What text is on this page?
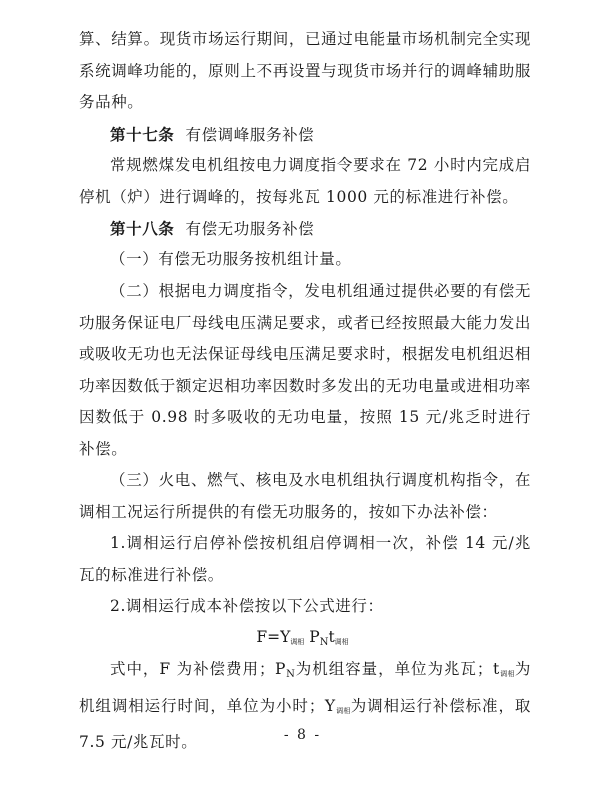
算、结算。现货市场运行期间，已通过电能量市场机制完全实现系统调峰功能的，原则上不再设置与现货市场并行的调峰辅助服务品种。

第十七条 有偿调峰服务补偿

常规燃煤发电机组按电力调度指令要求在 72 小时内完成启停机（炉）进行调峰的，按每兆瓦 1000 元的标准进行补偿。

第十八条 有偿无功服务补偿

（一）有偿无功服务按机组计量。

（二）根据电力调度指令，发电机组通过提供必要的有偿无功服务保证电厂母线电压满足要求，或者已经按照最大能力发出或吸收无功也无法保证母线电压满足要求时，根据发电机组迟相功率因数低于额定迟相功率因数时多发出的无功电量或进相功率因数低于 0.98 时多吸收的无功电量，按照 15 元/兆乏时进行补偿。

（三）火电、燃气、核电及水电机组执行调度机构指令，在调相工况运行所提供的有偿无功服务的，按如下办法补偿：

1.调相运行启停补偿按机组启停调相一次，补偿 14 元/兆瓦的标准进行补偿。

2.调相运行成本补偿按以下公式进行：

$F=Y_{调相}$ PNt$_{调相}$

式中，F 为补偿费用；PN为机组容量，单位为兆瓦；$t_{调相}$为机组调相运行时间，单位为小时；$Y_{调相}$为调相运行补偿标准，取 7.5 元/兆瓦时。	- 8 -
